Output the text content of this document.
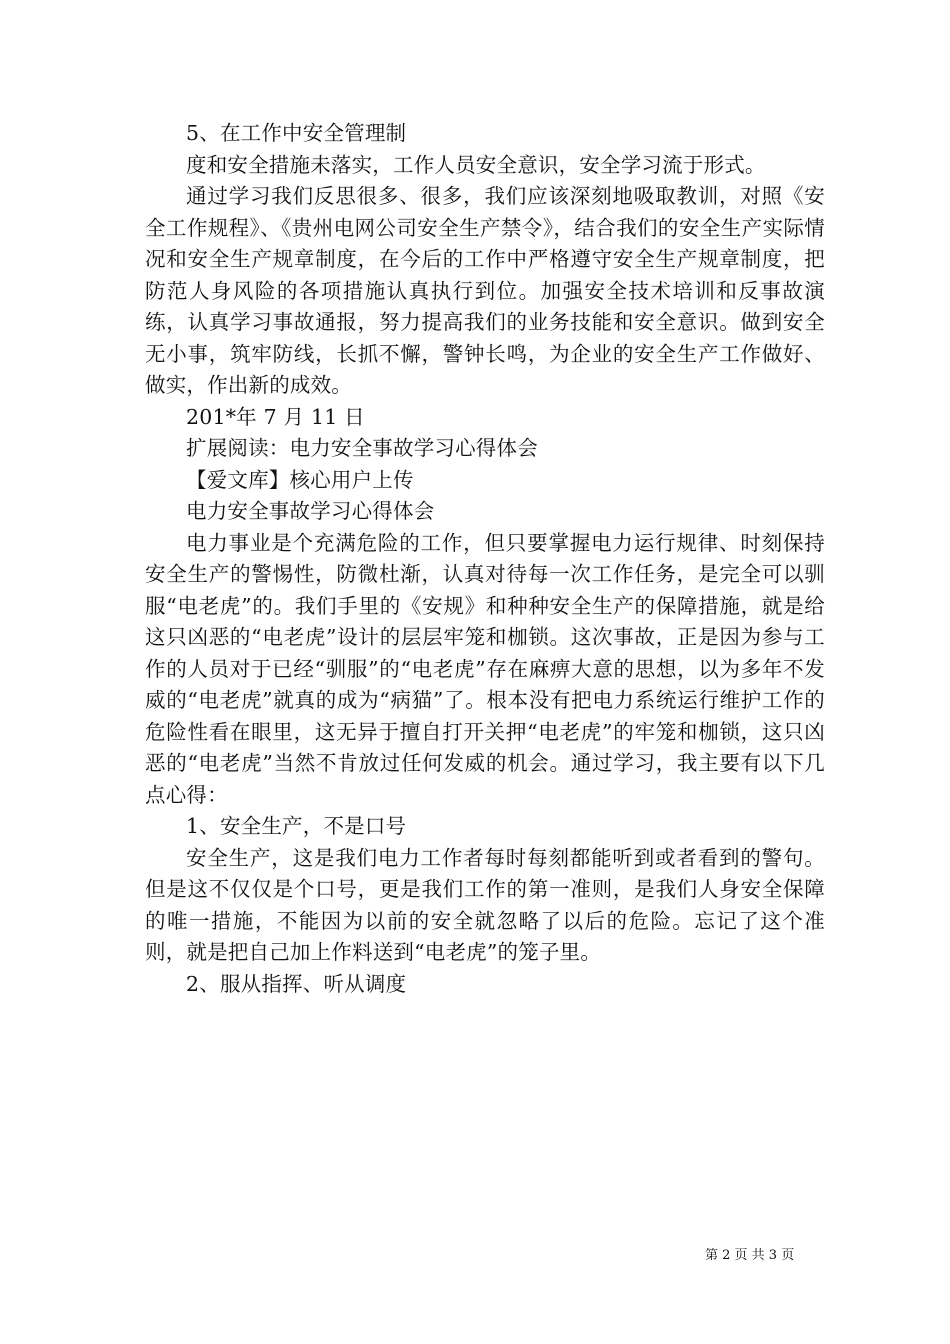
5、在工作中安全管理制

度和安全措施未落实，工作人员安全意识，安全学习流于形式。

通过学习我们反思很多、很多，我们应该深刻地吸取教训，对照《安全工作规程》、《贵州电网公司安全生产禁令》，结合我们的安全生产实际情况和安全生产规章制度，在今后的工作中严格遵守安全生产规章制度，把防范人身风险的各项措施认真执行到位。加强安全技术培训和反事故演练，认真学习事故通报，努力提高我们的业务技能和安全意识。做到安全无小事，筑牢防线，长抓不懈，警钟长鸣，为企业的安全生产工作做好、做实，作出新的成效。

201*年 7 月 11 日

扩展阅读：电力安全事故学习心得体会

【爱文库】核心用户上传

电力安全事故学习心得体会

电力事业是个充满危险的工作，但只要掌握电力运行规律、时刻保持安全生产的警惕性，防微杜渐，认真对待每一次工作任务，是完全可以驯服“电老虎”的。我们手里的《安规》和种种安全生产的保障措施，就是给这只凶恶的“电老虎”设计的层层牢笼和枷锁。这次事故，正是因为参与工作的人员对于已经“驯服”的“电老虎”存在麻痹大意的思想，以为多年不发威的“电老虎”就真的成为“病猫”了。根本没有把电力系统运行维护工作的危险性看在眼里，这无异于擅自打开关押“电老虎”的牢笼和枷锁，这只凶恶的“电老虎”当然不肯放过任何发威的机会。通过学习，我主要有以下几点心得：

1、安全生产，不是口号

安全生产，这是我们电力工作者每时每刻都能听到或者看到的警句。但是这不仅仅是个口号，更是我们工作的第一准则，是我们人身安全保障的唯一措施，不能因为以前的安全就忽略了以后的危险。忘记了这个准则，就是把自己加上作料送到“电老虎”的笼子里。

2、服从指挥、听从调度

第 2 页 共 3 页
